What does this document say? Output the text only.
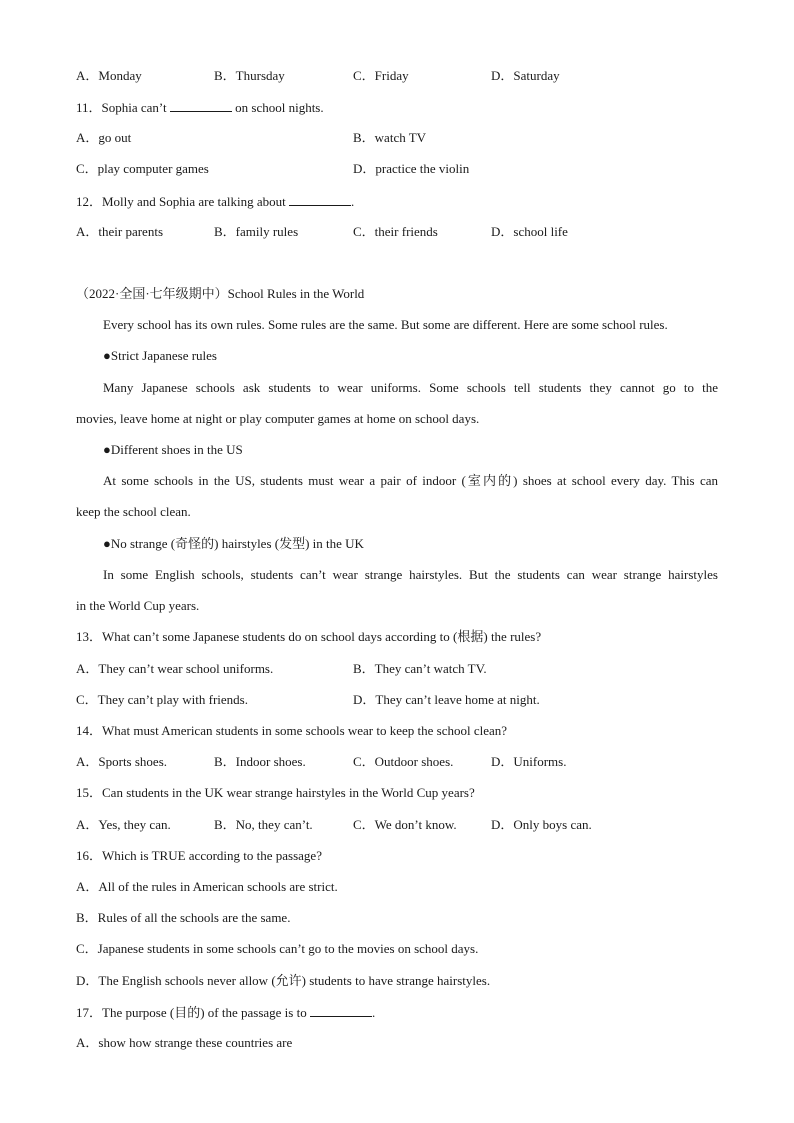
A．Monday	B．Thursday	C．Friday	D．Saturday
11．Sophia can’t	on school nights.
A．go out	B．watch TV
C．play computer games	D．practice the violin
12．Molly and Sophia are talking about	.
A．their parents	B．family rules	C．their friends	D．school life
（2022·全国·七年级期中）School Rules in the World
Every school has its own rules. Some rules are the same. But some are different. Here are some school rules.
●Strict Japanese rules
Many Japanese schools ask students to wear uniforms. Some schools tell students they cannot go to the
movies, leave home at night or play computer games at home on school days.
●Different shoes in the US
At some schools in the US, students must wear a pair of indoor (室内的) shoes at school every day. This can
keep the school clean.
●No strange (奇怪的) hairstyles (发型) in the UK
In some English schools, students can’t wear strange hairstyles. But the students can wear strange hairstyles
in the World Cup years.
13．What can’t some Japanese students do on school days according to (根据) the rules?
A．They can’t wear school uniforms.	B．They can’t watch TV.
C．They can’t play with friends.	D．They can’t leave home at night.
14．What must American students in some schools wear to keep the school clean?
A．Sports shoes.	B．Indoor shoes.	C．Outdoor shoes.	D．Uniforms.
15．Can students in the UK wear strange hairstyles in the World Cup years?
A．Yes, they can.	B．No, they can’t.	C．We don’t know.	D．Only boys can.
16．Which is TRUE according to the passage?
A．All of the rules in American schools are strict.
B．Rules of all the schools are the same.
C．Japanese students in some schools can’t go to the movies on school days.
D．The English schools never allow (允许) students to have strange hairstyles.
17．The purpose (目的) of the passage is to	.
A．show how strange these countries are
